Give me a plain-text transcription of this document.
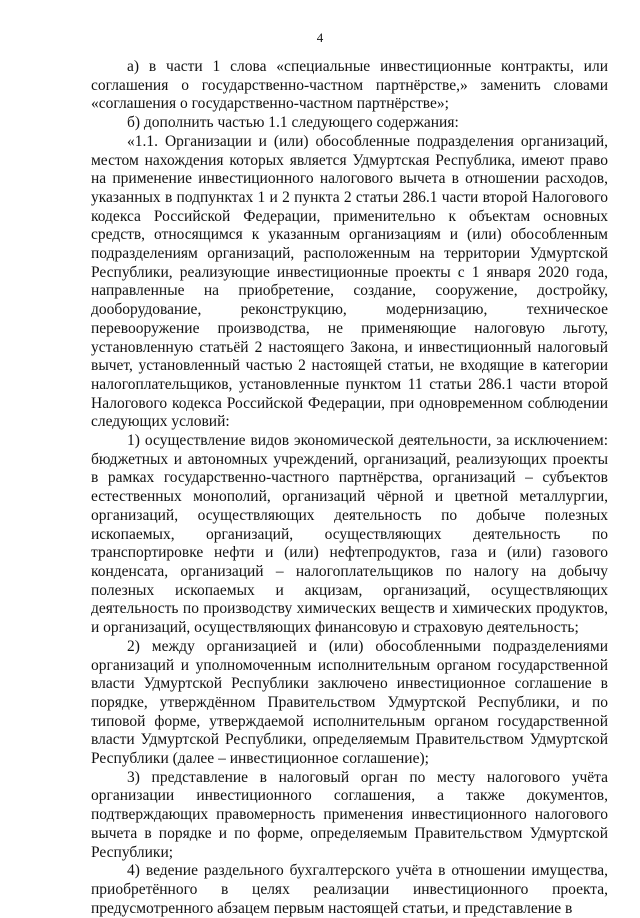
4

а) в части 1 слова «специальные инвестиционные контракты, или соглашения о государственно-частном партнёрстве,» заменить словами «соглашения о государственно-частном партнёрстве»;

б) дополнить частью 1.1 следующего содержания:

«1.1. Организации и (или) обособленные подразделения организаций, местом нахождения которых является Удмуртская Республика, имеют право на применение инвестиционного налогового вычета в отношении расходов, указанных в подпунктах 1 и 2 пункта 2 статьи 286.1 части второй Налогового кодекса Российской Федерации, применительно к объектам основных средств, относящимся к указанным организациям и (или) обособленным подразделениям организаций, расположенным на территории Удмуртской Республики, реализующие инвестиционные проекты с 1 января 2020 года, направленные на приобретение, создание, сооружение, достройку, дооборудование, реконструкцию, модернизацию, техническое перевооружение производства, не применяющие налоговую льготу, установленную статьёй 2 настоящего Закона, и инвестиционный налоговый вычет, установленный частью 2 настоящей статьи, не входящие в категории налогоплательщиков, установленные пунктом 11 статьи 286.1 части второй Налогового кодекса Российской Федерации, при одновременном соблюдении следующих условий:

1) осуществление видов экономической деятельности, за исключением: бюджетных и автономных учреждений, организаций, реализующих проекты в рамках государственно-частного партнёрства, организаций – субъектов естественных монополий, организаций чёрной и цветной металлургии, организаций, осуществляющих деятельность по добыче полезных ископаемых, организаций, осуществляющих деятельность по транспортировке нефти и (или) нефтепродуктов, газа и (или) газового конденсата, организаций – налогоплательщиков по налогу на добычу полезных ископаемых и акцизам, организаций, осуществляющих деятельность по производству химических веществ и химических продуктов, и организаций, осуществляющих финансовую и страховую деятельность;

2) между организацией и (или) обособленными подразделениями организаций и уполномоченным исполнительным органом государственной власти Удмуртской Республики заключено инвестиционное соглашение в порядке, утверждённом Правительством Удмуртской Республики, и по типовой форме, утверждаемой исполнительным органом государственной власти Удмуртской Республики, определяемым Правительством Удмуртской Республики (далее – инвестиционное соглашение);

3) представление в налоговый орган по месту налогового учёта организации инвестиционного соглашения, а также документов, подтверждающих правомерность применения инвестиционного налогового вычета в порядке и по форме, определяемым Правительством Удмуртской Республики;

4) ведение раздельного бухгалтерского учёта в отношении имущества, приобретённого в целях реализации инвестиционного проекта, предусмотренного абзацем первым настоящей статьи, и представление в
